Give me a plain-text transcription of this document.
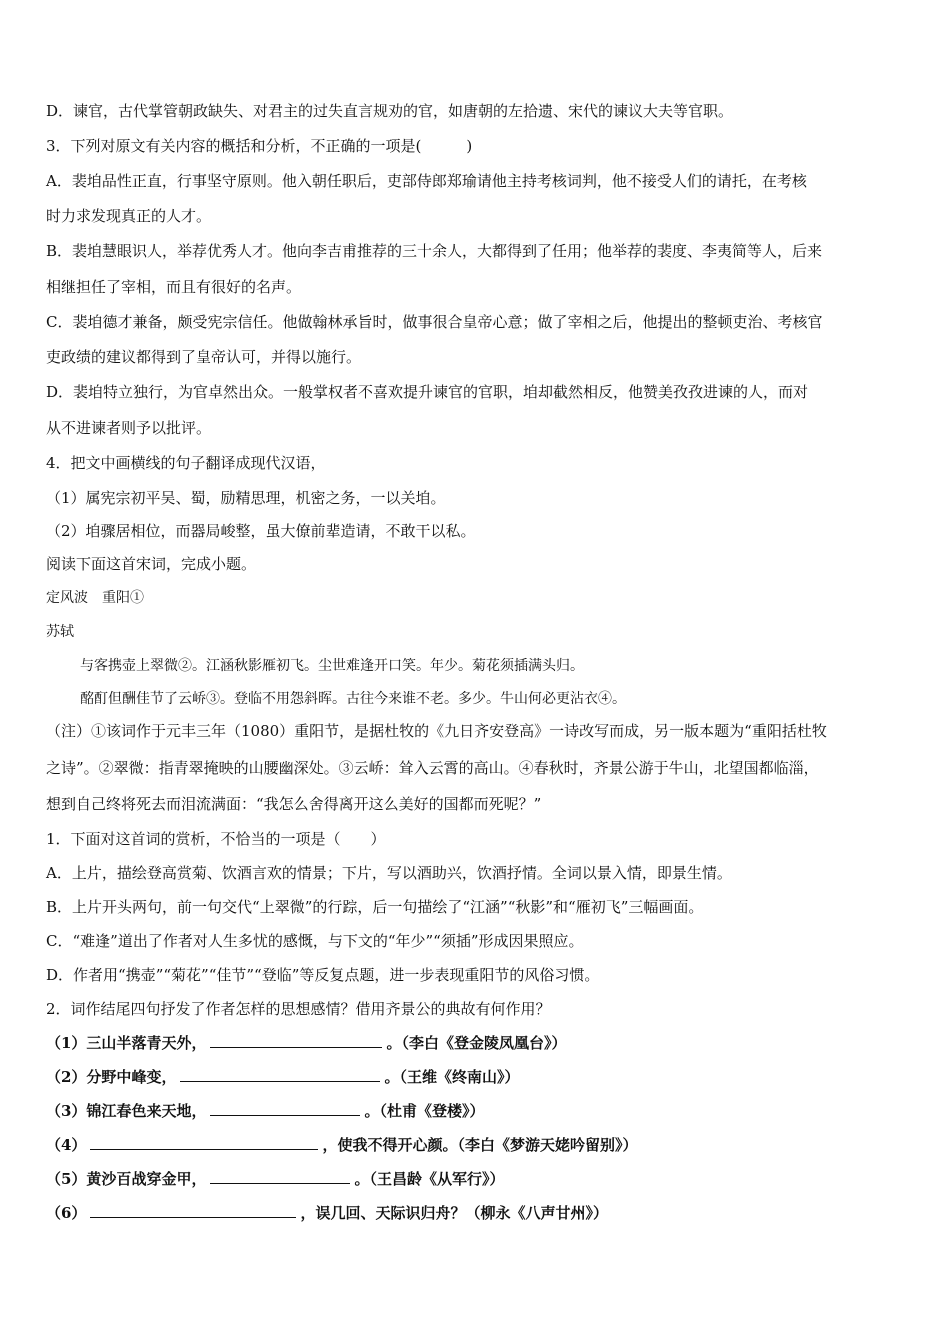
D．谏官，古代掌管朝政缺失、对君主的过失直言规劝的官，如唐朝的左拾遗、宋代的谏议大夫等官职。
3．下列对原文有关内容的概括和分析，不正确的一项是(　　　)
A．裴垍品性正直，行事坚守原则。他入朝任职后，吏部侍郎郑瑜请他主持考核词判，他不接受人们的请托，在考核
时力求发现真正的人才。
B．裴垍慧眼识人，举荐优秀人才。他向李吉甫推荐的三十余人，大都得到了任用；他举荐的裴度、李夷简等人，后来
相继担任了宰相，而且有很好的名声。
C．裴垍德才兼备，颇受宪宗信任。他做翰林承旨时，做事很合皇帝心意；做了宰相之后，他提出的整顿吏治、考核官
吏政绩的建议都得到了皇帝认可，并得以施行。
D．裴垍特立独行，为官卓然出众。一般掌权者不喜欢提升谏官的官职，垍却截然相反，他赞美孜孜进谏的人，而对
从不进谏者则予以批评。
4．把文中画横线的句子翻译成现代汉语，
（1）属宪宗初平吴、蜀，励精思理，机密之务，一以关垍。
（2）垍骤居相位，而器局峻整，虽大僚前辈造请，不敢干以私。
阅读下面这首宋词，完成小题。
定风波　重阳①
苏轼
与客携壶上翠微②。江涵秋影雁初飞。尘世难逢开口笑。年少。菊花须插满头归。
酩酊但酬佳节了云峤③。登临不用怨斜晖。古往今来谁不老。多少。牛山何必更沾衣④。
（注）①该词作于元丰三年（1080）重阳节，是据杜牧的《九日齐安登高》一诗改写而成，另一版本题为“重阳括杜牧
之诗”。②翠微：指青翠掩映的山腰幽深处。③云峤：耸入云霄的高山。④春秋时，齐景公游于牛山，北望国都临淄，
想到自己终将死去而泪流满面：“我怎么舍得离开这么美好的国都而死呢？”
1．下面对这首词的赏析，不恰当的一项是（　　）
A．上片，描绘登高赏菊、饮酒言欢的情景；下片，写以酒助兴，饮酒抒情。全词以景入情，即景生情。
B．上片开头两句，前一句交代“上翠微”的行踪，后一句描绘了“江涵”“秋影”和“雁初飞”三幅画面。
C．“难逢”道出了作者对人生多忧的感慨，与下文的“年少”“须插”形成因果照应。
D．作者用“携壶”“菊花”“佳节”“登临”等反复点题，进一步表现重阳节的风俗习惯。
2．词作结尾四句抒发了作者怎样的思想感情？借用齐景公的典故有何作用？
（1）三山半落青天外，	。（李白《登金陵凤凰台》）
（2）分野中峰变，	。（王维《终南山》）
（3）锦江春色来天地，	。（杜甫《登楼》）
（4）	，使我不得开心颜。（李白《梦游天姥吟留别》）
（5）黄沙百战穿金甲，	。（王昌龄《从军行》）
（6）	，误几回、天际识归舟？（柳永《八声甘州》）
